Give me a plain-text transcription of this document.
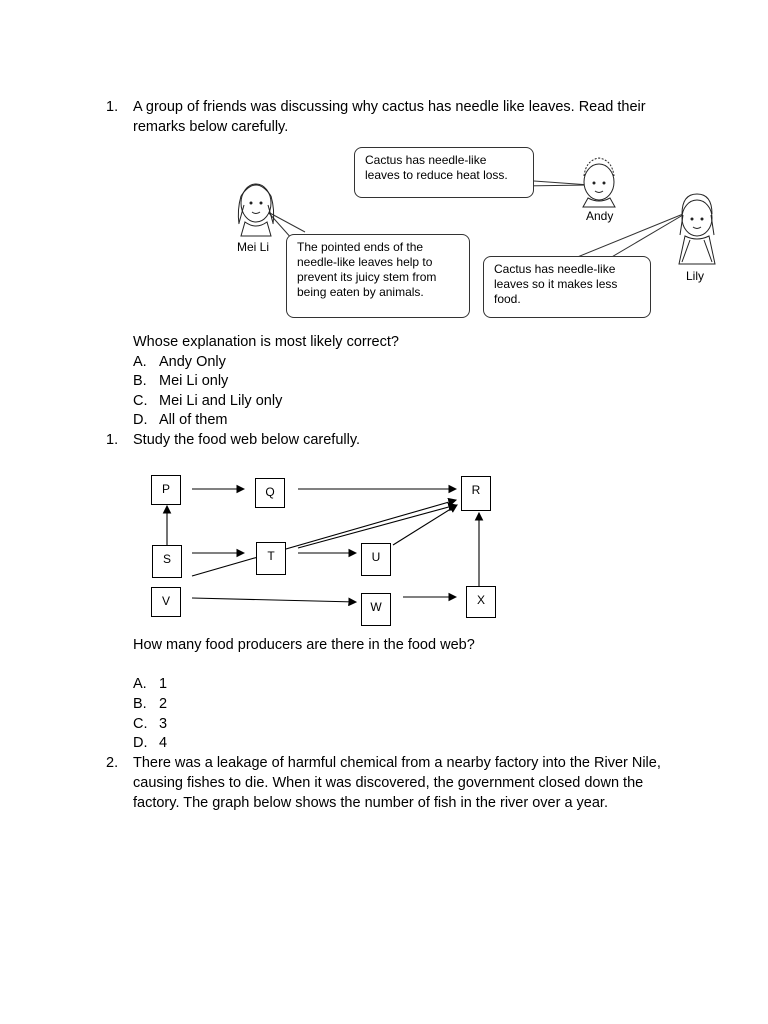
1. A group of friends was discussing why cactus has needle like leaves. Read their remarks below carefully.
Cactus has needle-like leaves to reduce heat loss.
Andy
The pointed ends of the needle-like leaves help to prevent its juicy stem from being eaten by animals.
Mei Li
Cactus has needle-like leaves so it makes less food.
Lily
Whose explanation is most likely correct?
A. Andy Only
B. Mei Li only
C. Mei Li and Lily only
D. All of them
1. Study the food web below carefully.
P	Q	R
S	T	U
V	W	X
How many food producers are there in the food web?
A. 1
B. 2
C. 3
D. 4
2. There was a leakage of harmful chemical from a nearby factory into the River Nile, causing fishes to die. When it was discovered, the government closed down the factory. The graph below shows the number of fish in the river over a year.
